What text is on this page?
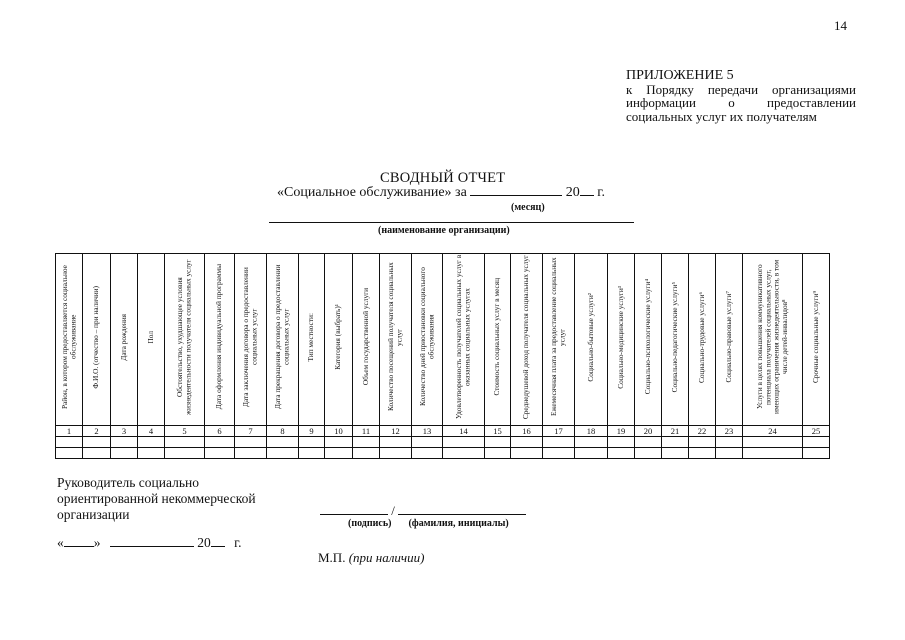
14
ПРИЛОЖЕНИЕ 5
к Порядку передачи организациями информации о предоставлении социальных услуг их получателям
СВОДНЫЙ ОТЧЕТ
«Социальное обслуживание» за	20 г.
(месяц)
(наименование организации)
Район, в котором предоставляется социальное обслуживание	Ф.И.О. (отчество – при наличии)	Дата рождения	Пол	Обстоятельство, ухудшающее условия жизнедеятельности получателя социальных услуг	Дата оформления индивидуальной программы	Дата заключения договора о предоставлении социальных услуг	Дата прекращения договора о предоставлении социальных услуг	Тип местности:	Категория (выбрать)¹	Объем государственной услуги	Количество посещений получателя социальных услуг	Количество дней приостановки социального обслуживания	Удовлетворенность получателей социальных услуг в оказанных социальных услугах	Стоимость социальных услуг в месяц	Среднедушевой доход получателя социальных услуг	Ежемесячная плата за предоставление социальных услуг	Социально-бытовые услуги²	Социально-медицинские услуги³	Социально-психологические услуги⁴	Социально-педагогические услуги⁵	Социально-трудовые услуги⁶	Социально-правовые услуги⁷	Услуги в целях повышения коммуникативного потенциала получателей социальных услуг, имеющих ограничения жизнедеятельности, в том числе детей-инвалидов⁸	Срочные социальные услуги⁹
1	2	3	4	5	6	7	8	9	10	11	12	13	14	15	16	17	18	19	20	21	22	23	24	25

Руководитель социально
ориентированной некоммерческой
организации	/
(подпись) (фамилия, инициалы)
« »	20 г.
М.П. (при наличии)
